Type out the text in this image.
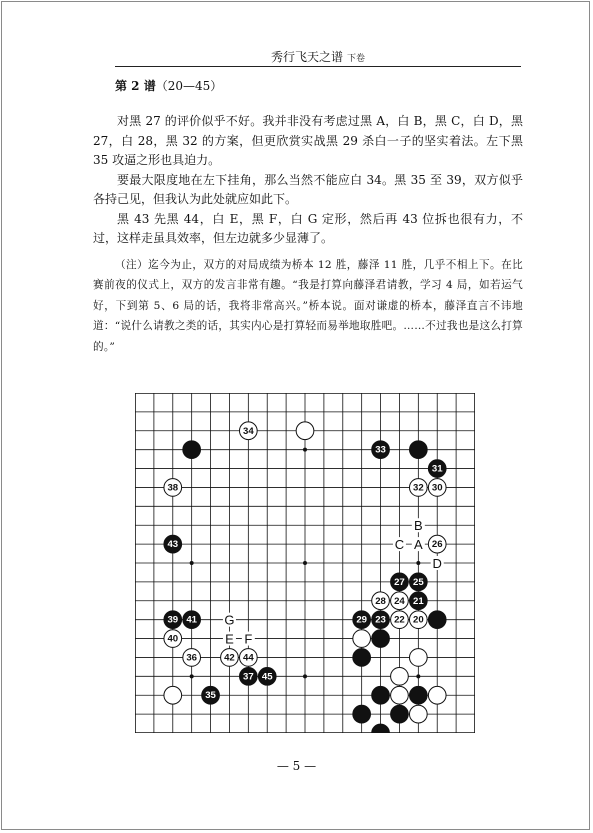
秀行飞天之谱 下卷
第 2 谱（20—45）

对黑 27 的评价似乎不好。我并非没有考虑过黑 A，白 B，黑 C，白 D，黑 27，白 28，黑 32 的方案，但更欣赏实战黑 29 杀白一子的坚实着法。左下黑 35 攻逼之形也具迫力。

要最大限度地在左下挂角，那么当然不能应白 34。黑 35 至 39，双方似乎各持己见，但我认为此处就应如此下。

黑 43 先黑 44，白 E，黑 F，白 G 定形，然后再 43 位拆也很有力，不过，这样走虽具效率，但左边就多少显薄了。

（注）迄今为止，双方的对局成绩为桥本 12 胜，藤泽 11 胜，几乎不相上下。在比赛前夜的仪式上，双方的发言非常有趣。“我是打算向藤泽君请教，学习 4 局，如若运气好，下到第 5、6 局的话，我将非常高兴。”桥本说。面对谦虚的桥本，藤泽直言不讳地道：“说什么请教之类的话，其实内心是打算轻而易举地取胜吧。……不过我也是这么打算的。”

34
33
31
38	32 30
43	26
27 25
28 24 21
39 41	29 23 22 20
40
36	42 44
37 45
35
B
C A
D
G
E F
— 5 —
